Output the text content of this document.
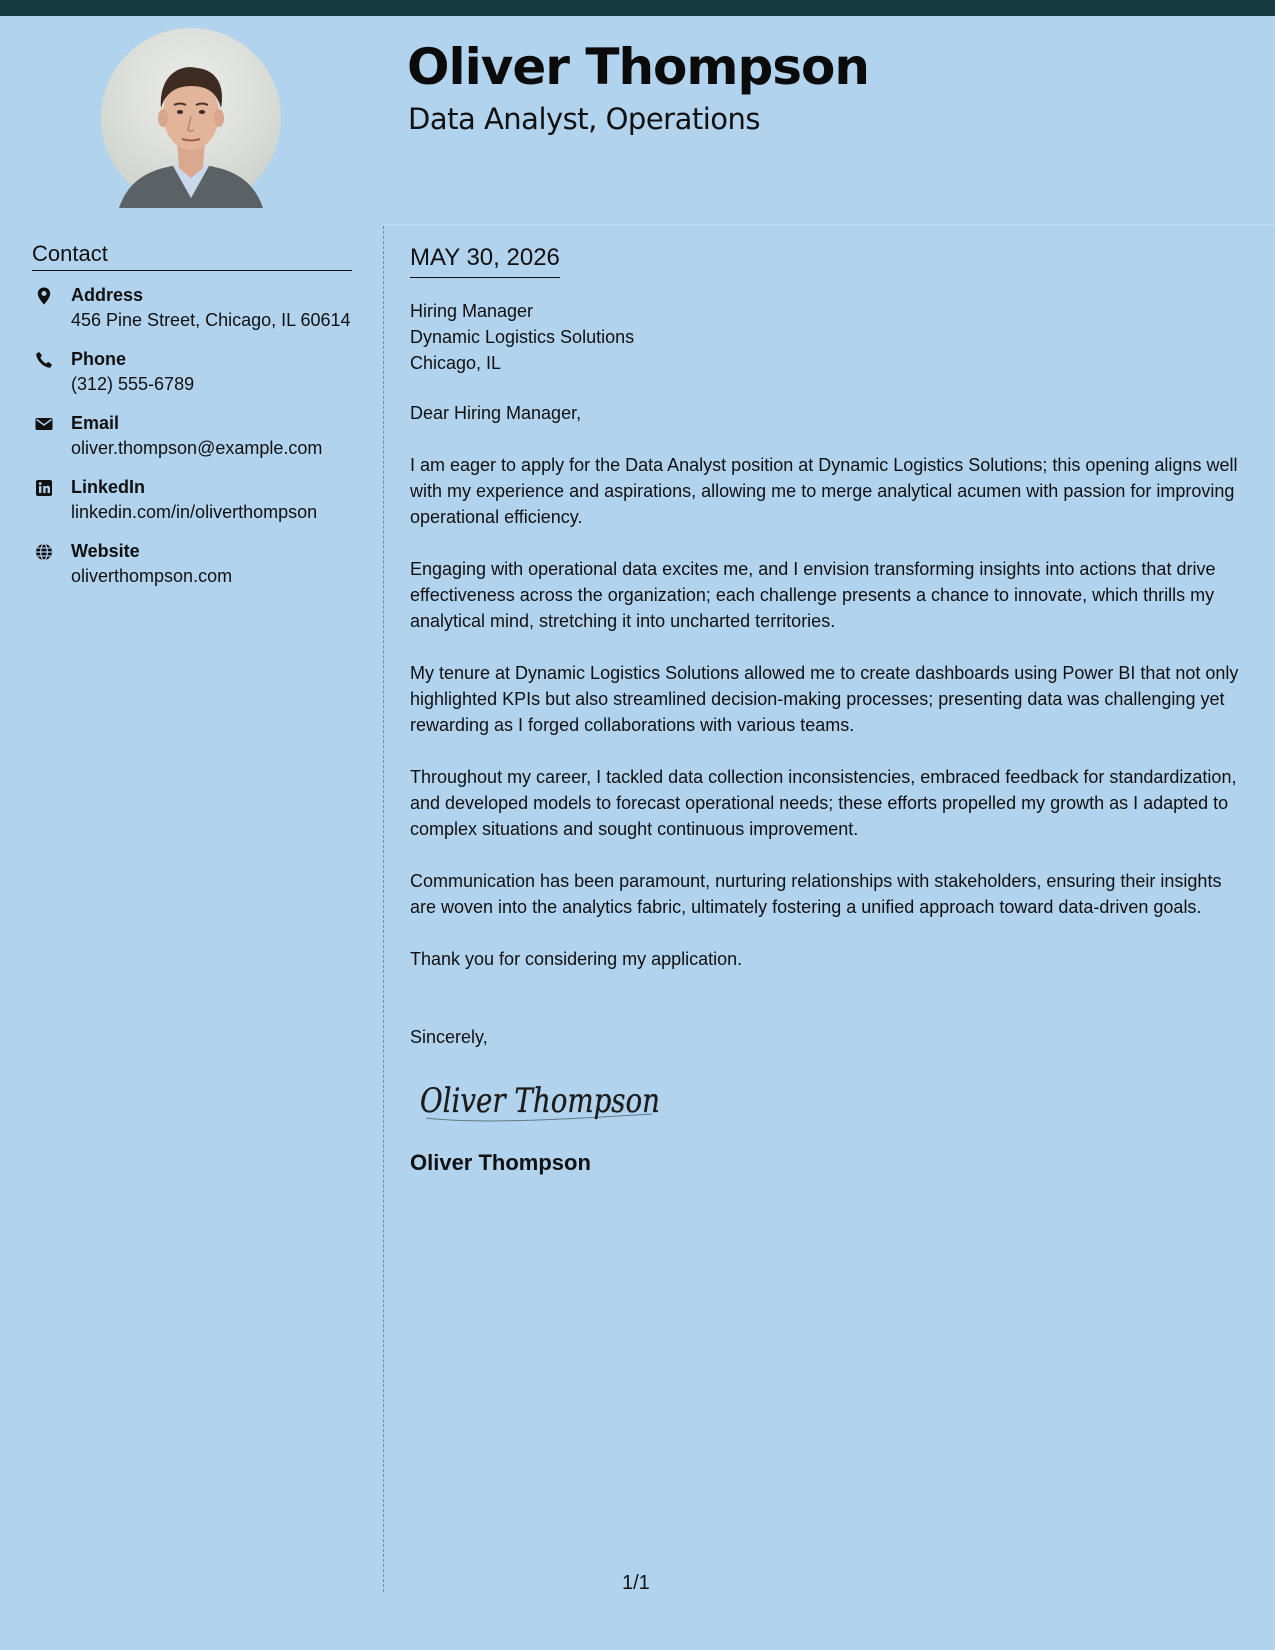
Oliver Thompson
Data Analyst, Operations
Contact
Address
456 Pine Street, Chicago, IL 60614
Phone
(312) 555-6789
Email
oliver.thompson@example.com
LinkedIn
linkedin.com/in/oliverthompson
Website
oliverthompson.com
MAY 30, 2026
Hiring Manager
Dynamic Logistics Solutions
Chicago, IL

Dear Hiring Manager,

I am eager to apply for the Data Analyst position at Dynamic Logistics Solutions; this opening aligns well with my experience and aspirations, allowing me to merge analytical acumen with passion for improving operational efficiency.

Engaging with operational data excites me, and I envision transforming insights into actions that drive effectiveness across the organization; each challenge presents a chance to innovate, which thrills my analytical mind, stretching it into uncharted territories.

My tenure at Dynamic Logistics Solutions allowed me to create dashboards using Power BI that not only highlighted KPIs but also streamlined decision-making processes; presenting data was challenging yet rewarding as I forged collaborations with various teams.

Throughout my career, I tackled data collection inconsistencies, embraced feedback for standardization, and developed models to forecast operational needs; these efforts propelled my growth as I adapted to complex situations and sought continuous improvement.

Communication has been paramount, nurturing relationships with stakeholders, ensuring their insights are woven into the analytics fabric, ultimately fostering a unified approach toward data-driven goals.

Thank you for considering my application.

Sincerely,

Oliver Thompson

Oliver Thompson

1/1
